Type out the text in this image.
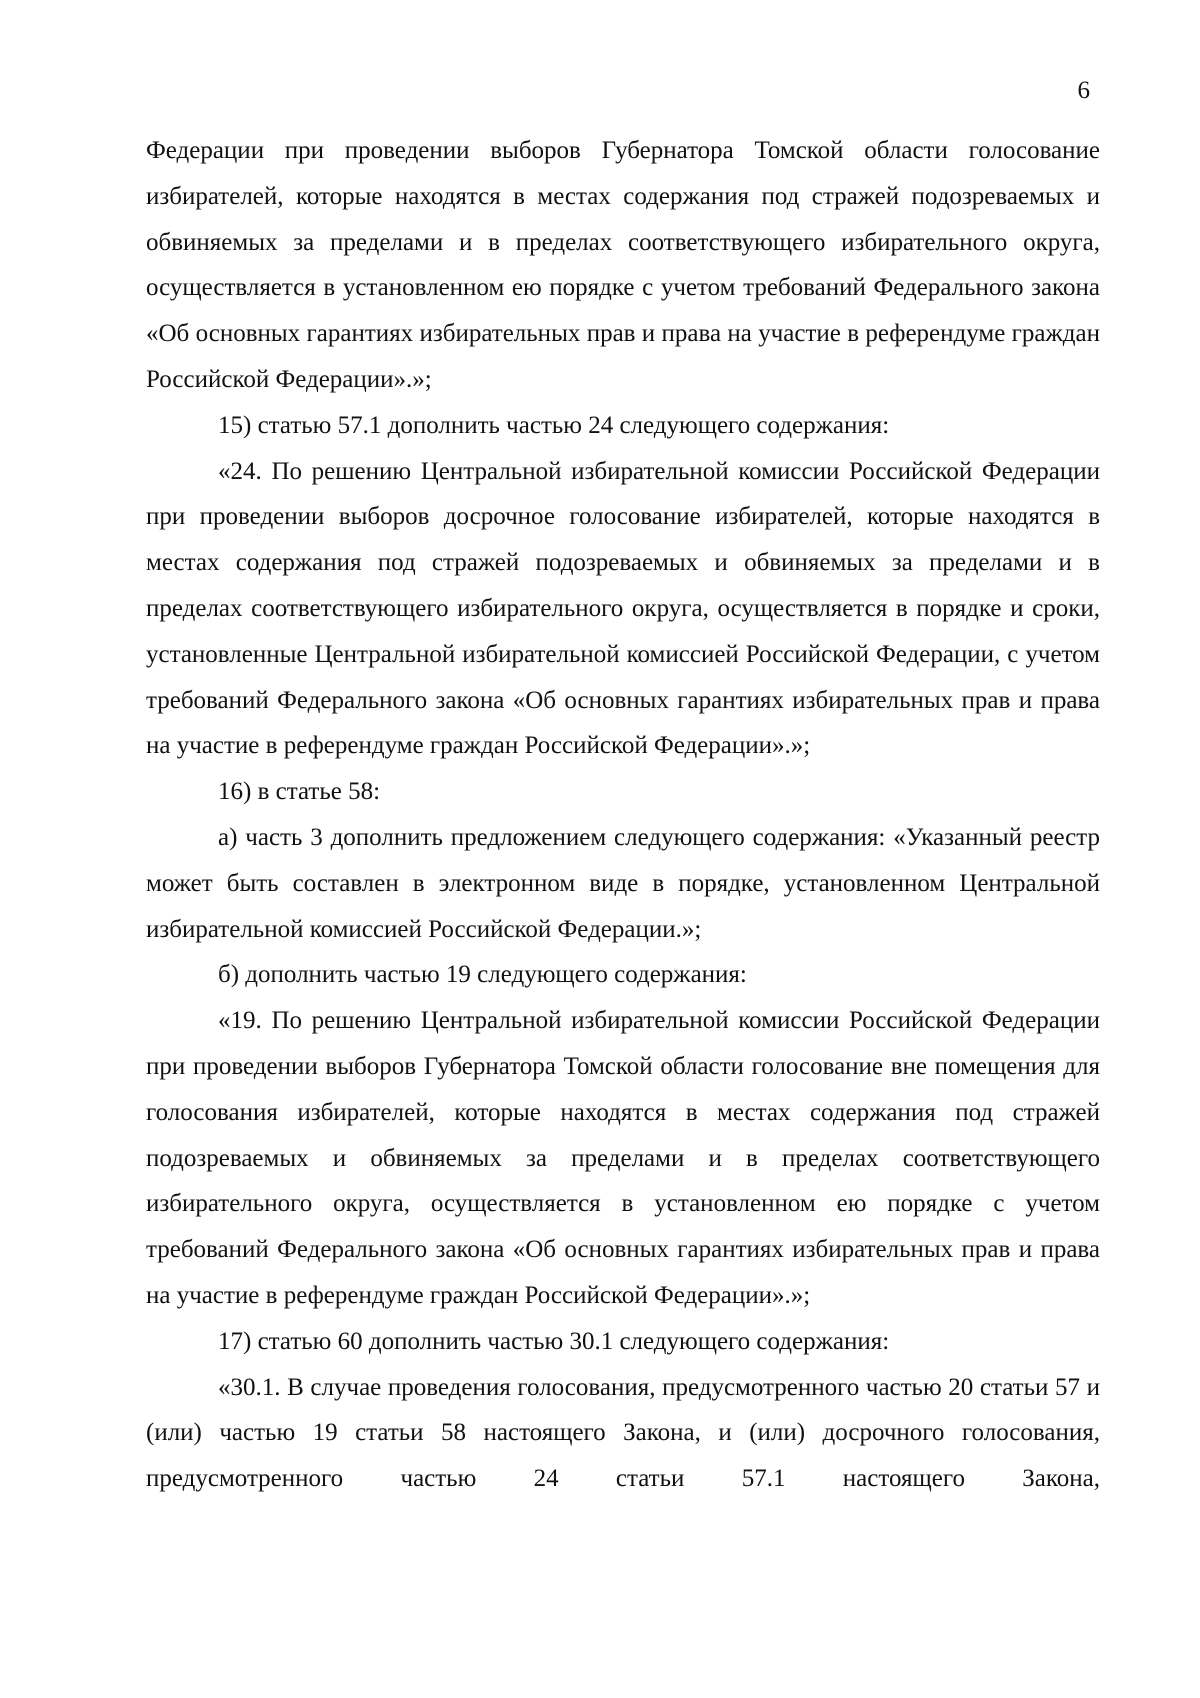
6

Федерации при проведении выборов Губернатора Томской области голосование избирателей, которые находятся в местах содержания под стражей подозреваемых и обвиняемых за пределами и в пределах соответствующего избирательного округа, осуществляется в установленном ею порядке с учетом требований Федерального закона «Об основных гарантиях избирательных прав и права на участие в референдуме граждан Российской Федерации».»;

15) статью 57.1 дополнить частью 24 следующего содержания:

«24. По решению Центральной избирательной комиссии Российской Федерации при проведении выборов досрочное голосование избирателей, которые находятся в местах содержания под стражей подозреваемых и обвиняемых за пределами и в пределах соответствующего избирательного округа, осуществляется в порядке и сроки, установленные Центральной избирательной комиссией Российской Федерации, с учетом требований Федерального закона «Об основных гарантиях избирательных прав и права на участие в референдуме граждан Российской Федерации».»;

16) в статье 58:

а) часть 3 дополнить предложением следующего содержания: «Указанный реестр может быть составлен в электронном виде в порядке, установленном Центральной избирательной комиссией Российской Федерации.»;

б) дополнить частью 19 следующего содержания:

«19. По решению Центральной избирательной комиссии Российской Федерации при проведении выборов Губернатора Томской области голосование вне помещения для голосования избирателей, которые находятся в местах содержания под стражей подозреваемых и обвиняемых за пределами и в пределах соответствующего избирательного округа, осуществляется в установленном ею порядке с учетом требований Федерального закона «Об основных гарантиях избирательных прав и права на участие в референдуме граждан Российской Федерации».»;

17) статью 60 дополнить частью 30.1 следующего содержания:

«30.1. В случае проведения голосования, предусмотренного частью 20 статьи 57 и (или) частью 19 статьи 58 настоящего Закона, и (или) досрочного голосования, предусмотренного частью 24 статьи 57.1 настоящего Закона,
